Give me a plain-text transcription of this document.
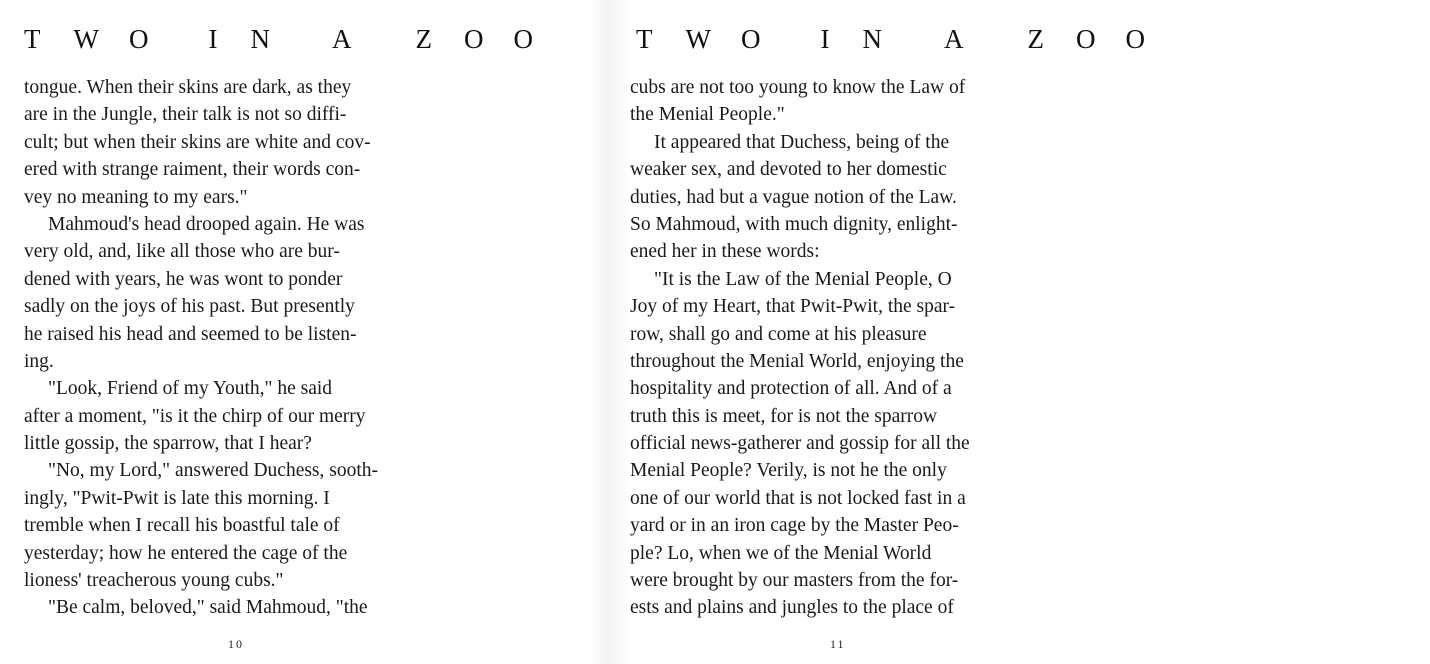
T W O I N A Z O O
tongue. When their skins are dark, as they
are in the Jungle, their talk is not so diffi-
cult; but when their skins are white and cov-
ered with strange raiment, their words con-
vey no meaning to my ears."
Mahmoud's head drooped again. He was
very old, and, like all those who are bur-
dened with years, he was wont to ponder
sadly on the joys of his past. But presently
he raised his head and seemed to be listen-
ing.
"Look, Friend of my Youth," he said
after a moment, "is it the chirp of our merry
little gossip, the sparrow, that I hear?
"No, my Lord," answered Duchess, sooth-
ingly, "Pwit-Pwit is late this morning. I
tremble when I recall his boastful tale of
yesterday; how he entered the cage of the
lioness' treacherous young cubs."
"Be calm, beloved," said Mahmoud, "the
10
T W O I N A Z O O
cubs are not too young to know the Law of
the Menial People."
It appeared that Duchess, being of the
weaker sex, and devoted to her domestic
duties, had but a vague notion of the Law.
So Mahmoud, with much dignity, enlight-
ened her in these words:
"It is the Law of the Menial People, O
Joy of my Heart, that Pwit-Pwit, the spar-
row, shall go and come at his pleasure
throughout the Menial World, enjoying the
hospitality and protection of all. And of a
truth this is meet, for is not the sparrow
official news-gatherer and gossip for all the
Menial People? Verily, is not he the only
one of our world that is not locked fast in a
yard or in an iron cage by the Master Peo-
ple? Lo, when we of the Menial World
were brought by our masters from the for-
ests and plains and jungles to the place of
11
